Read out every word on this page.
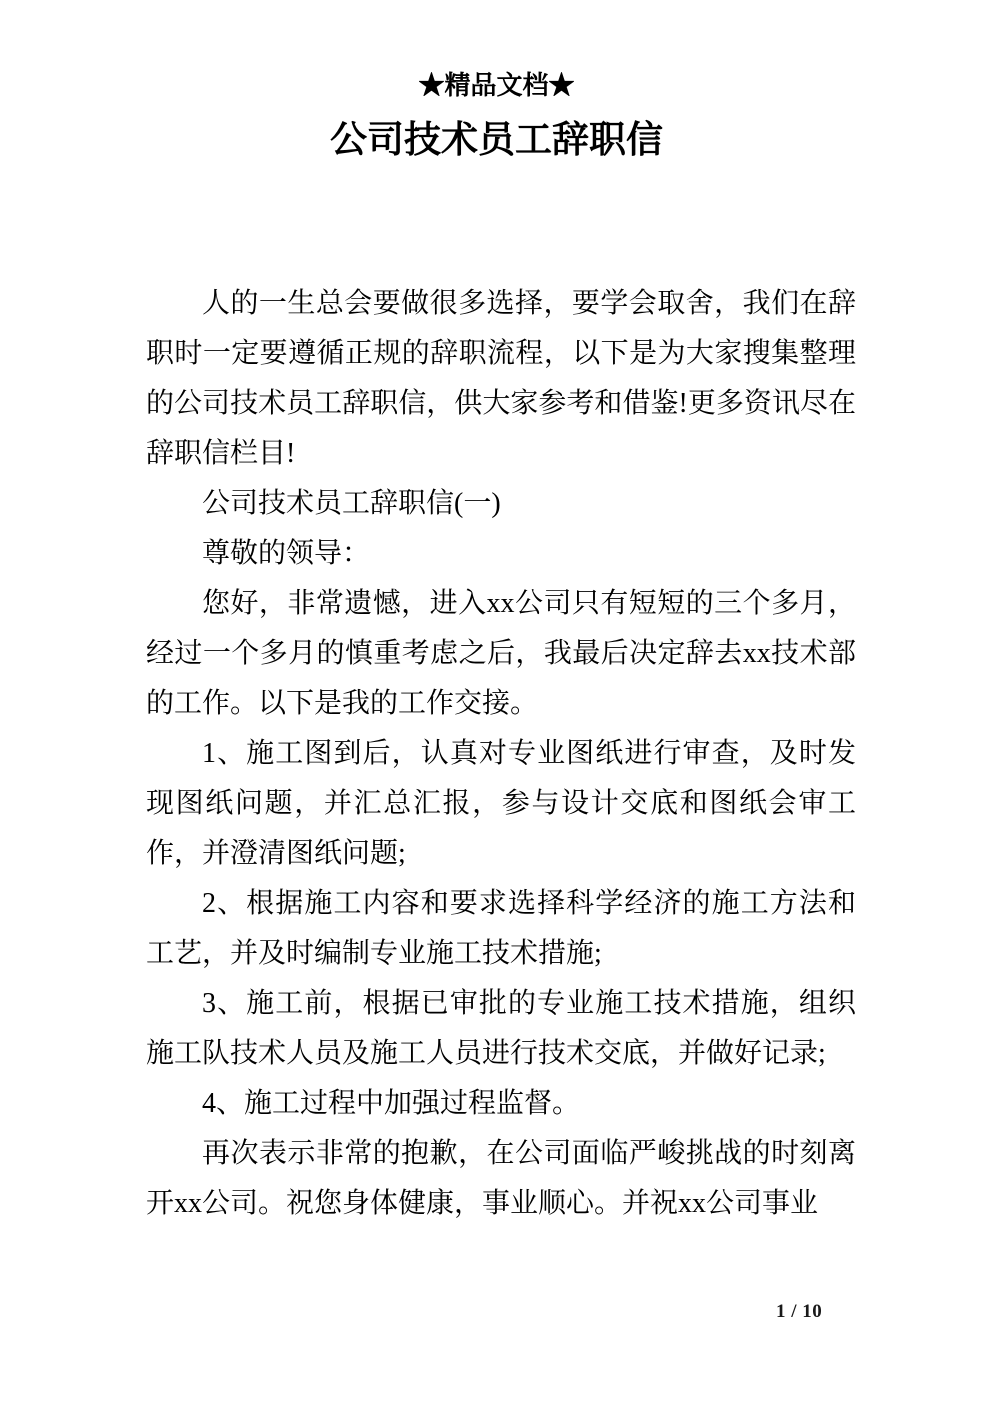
★精品文档★
公司技术员工辞职信

人的一生总会要做很多选择，要学会取舍，我们在辞职时一定要遵循正规的辞职流程，以下是为大家搜集整理的公司技术员工辞职信，供大家参考和借鉴!更多资讯尽在辞职信栏目!

公司技术员工辞职信(一)

尊敬的领导：

您好，非常遗憾，进入xx公司只有短短的三个多月，经过一个多月的慎重考虑之后，我最后决定辞去xx技术部的工作。以下是我的工作交接。

1、施工图到后，认真对专业图纸进行审查，及时发现图纸问题，并汇总汇报，参与设计交底和图纸会审工作，并澄清图纸问题;

2、根据施工内容和要求选择科学经济的施工方法和工艺，并及时编制专业施工技术措施;

3、施工前，根据已审批的专业施工技术措施，组织施工队技术人员及施工人员进行技术交底，并做好记录;

4、施工过程中加强过程监督。

再次表示非常的抱歉，在公司面临严峻挑战的时刻离开xx公司。祝您身体健康，事业顺心。并祝xx公司事业

1 / 10
